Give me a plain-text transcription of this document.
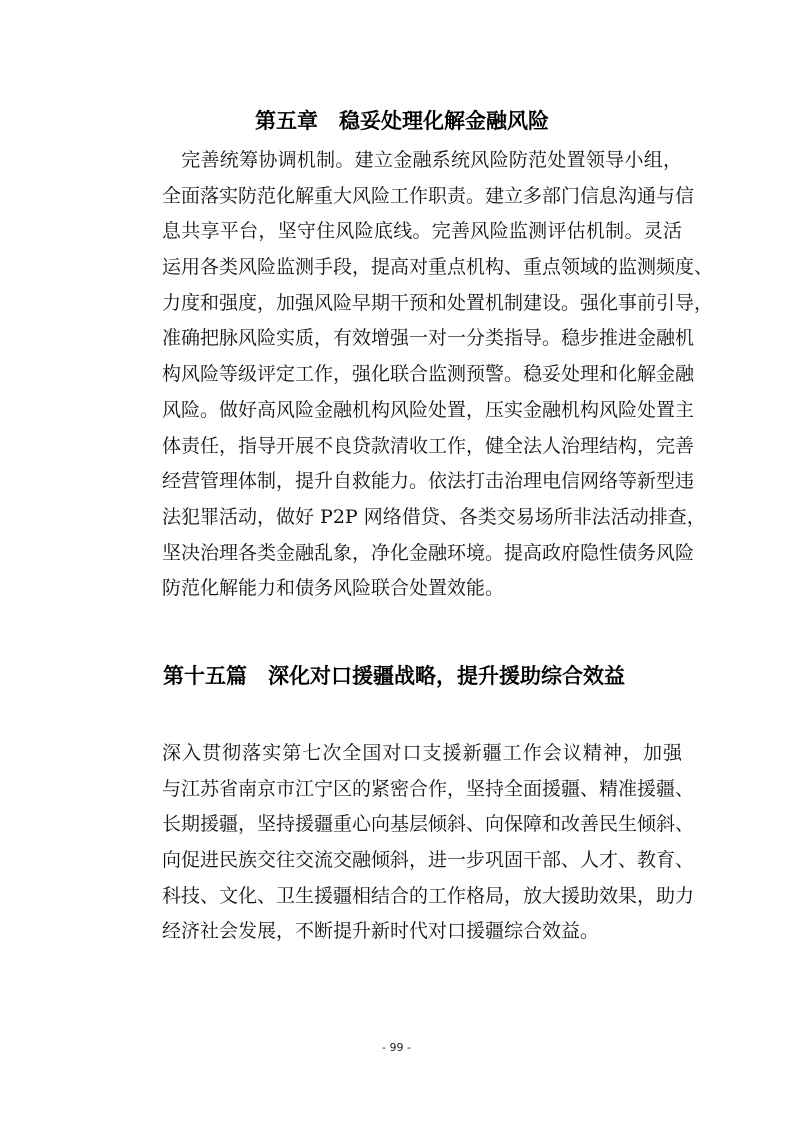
第五章　稳妥处理化解金融风险
　完善统筹协调机制。建立金融系统风险防范处置领导小组，
全面落实防范化解重大风险工作职责。建立多部门信息沟通与信
息共享平台，坚守住风险底线。完善风险监测评估机制。灵活
运用各类风险监测手段，提高对重点机构、重点领域的监测频度、
力度和强度，加强风险早期干预和处置机制建设。强化事前引导，
准确把脉风险实质，有效增强一对一分类指导。稳步推进金融机
构风险等级评定工作，强化联合监测预警。稳妥处理和化解金融
风险。做好高风险金融机构风险处置，压实金融机构风险处置主
体责任，指导开展不良贷款清收工作，健全法人治理结构，完善
经营管理体制，提升自救能力。依法打击治理电信网络等新型违
法犯罪活动，做好 P2P 网络借贷、各类交易场所非法活动排查，
坚决治理各类金融乱象，净化金融环境。提高政府隐性债务风险
防范化解能力和债务风险联合处置效能。
第十五篇　深化对口援疆战略，提升援助综合效益
深入贯彻落实第七次全国对口支援新疆工作会议精神，加强
与江苏省南京市江宁区的紧密合作，坚持全面援疆、精准援疆、
长期援疆，坚持援疆重心向基层倾斜、向保障和改善民生倾斜、
向促进民族交往交流交融倾斜，进一步巩固干部、人才、教育、
科技、文化、卫生援疆相结合的工作格局，放大援助效果，助力
经济社会发展，不断提升新时代对口援疆综合效益。
- 99 -
